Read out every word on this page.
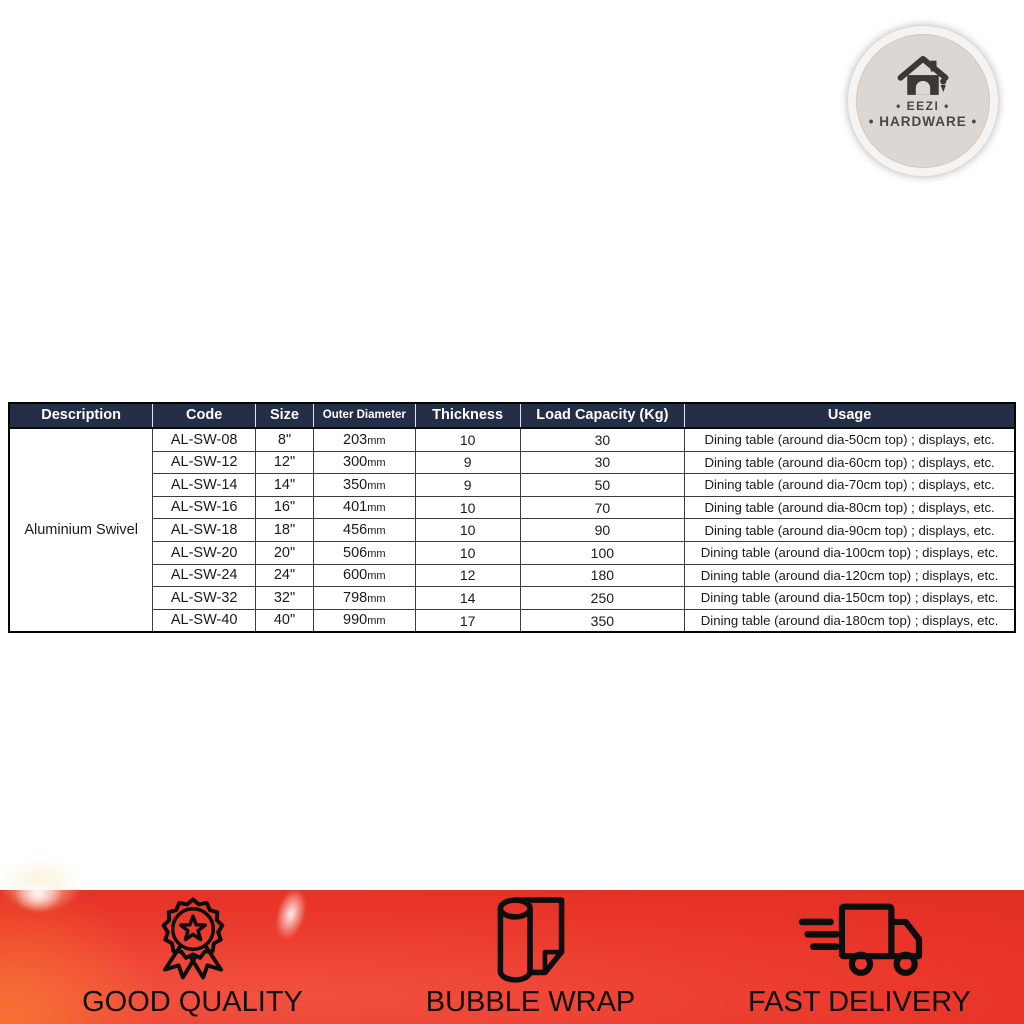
• EEZI •
• HARDWARE •
Description	Code	Size	Outer Diameter	Thickness	Load Capacity (Kg)	Usage
Aluminium Swivel	AL-SW-08	8"	203mm	10	30	Dining table (around dia-50cm top) ; displays, etc.
	AL-SW-12	12"	300mm	9	30	Dining table (around dia-60cm top) ; displays, etc.
	AL-SW-14	14"	350mm	9	50	Dining table (around dia-70cm top) ; displays, etc.
	AL-SW-16	16"	401mm	10	70	Dining table (around dia-80cm top) ; displays, etc.
	AL-SW-18	18"	456mm	10	90	Dining table (around dia-90cm top) ; displays, etc.
	AL-SW-20	20"	506mm	10	100	Dining table (around dia-100cm top) ; displays, etc.
	AL-SW-24	24"	600mm	12	180	Dining table (around dia-120cm top) ; displays, etc.
	AL-SW-32	32"	798mm	14	250	Dining table (around dia-150cm top) ; displays, etc.
	AL-SW-40	40"	990mm	17	350	Dining table (around dia-180cm top) ; displays, etc.
GOOD QUALITY	BUBBLE WRAP	FAST DELIVERY
